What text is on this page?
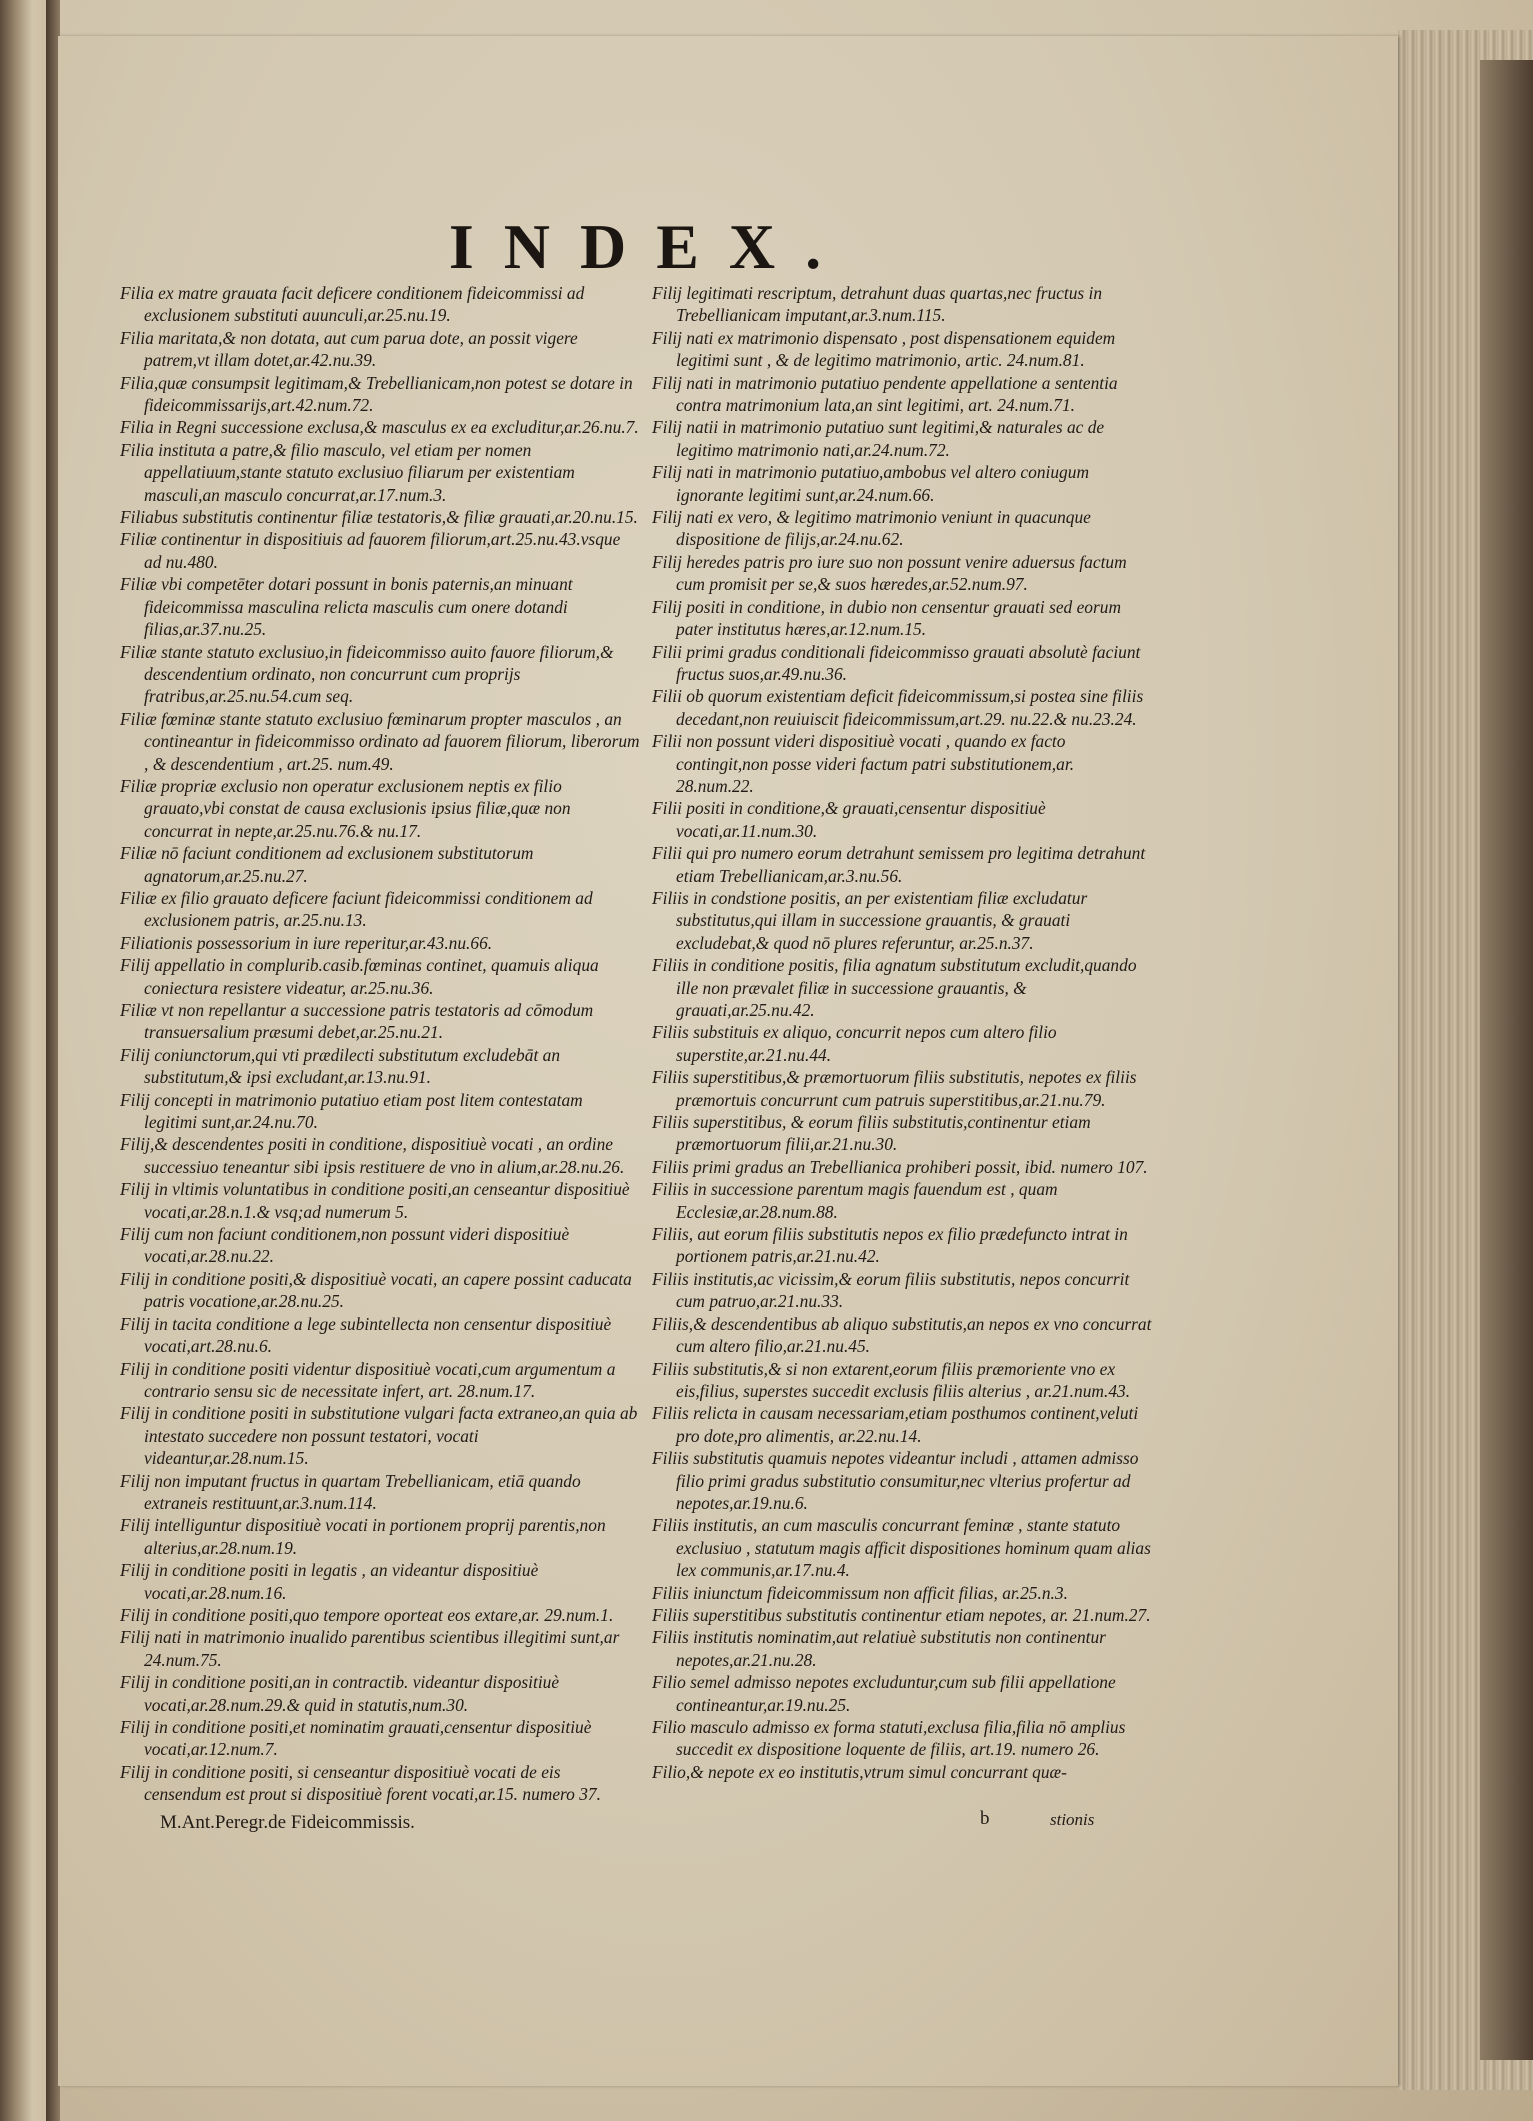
INDEX.
Filia ex matre grauata facit deficere conditionem fideicommissi ad exclusionem substituti auunculi,ar.25.nu.19.
Filia maritata,& non dotata, aut cum parua dote, an possit vigere patrem,vt illam dotet,ar.42.nu.39.
Filia,quæ consumpsit legitimam,& Trebellianicam,non potest se dotare in fideicommissarijs,art.42.num.72.
Filia in Regni successione exclusa,& masculus ex ea excluditur,ar.26.nu.7.
Filia instituta a patre,& filio masculo, vel etiam per nomen appellatiuum,stante statuto exclusiuo filiarum per existentiam masculi,an masculo concurrat,ar.17.num.3.
Filiabus substitutis continentur filiæ testatoris,& filiæ grauati,ar.20.nu.15.
Filiæ continentur in dispositiuis ad fauorem filiorum,art.25.nu.43.vsque ad nu.480.
Filiæ vbi competēter dotari possunt in bonis paternis,an minuant fideicommissa masculina relicta masculis cum onere dotandi filias,ar.37.nu.25.
Filiæ stante statuto exclusiuo,in fideicommisso auito fauore filiorum,& descendentium ordinato, non concurrunt cum proprijs fratribus,ar.25.nu.54.cum seq.
Filiæ fœminæ stante statuto exclusiuo fœminarum propter masculos , an contineantur in fideicommisso ordinato ad fauorem filiorum, liberorum , & descendentium , art.25. num.49.
Filiæ propriæ exclusio non operatur exclusionem neptis ex filio grauato,vbi constat de causa exclusionis ipsius filiæ,quæ non concurrat in nepte,ar.25.nu.76.& nu.17.
Filiæ nō faciunt conditionem ad exclusionem substitutorum agnatorum,ar.25.nu.27.
Filiæ ex filio grauato deficere faciunt fideicommissi conditionem ad exclusionem patris, ar.25.nu.13.
Filiationis possessorium in iure reperitur,ar.43.nu.66.
Filij appellatio in complurib.casib.fœminas continet, quamuis aliqua coniectura resistere videatur, ar.25.nu.36.
Filiæ vt non repellantur a successione patris testatoris ad cōmodum transuersalium præsumi debet,ar.25.nu.21.
Filij coniunctorum,qui vti prædilecti substitutum excludebāt an substitutum,& ipsi excludant,ar.13.nu.91.
Filij concepti in matrimonio putatiuo etiam post litem contestatam legitimi sunt,ar.24.nu.70.
Filij,& descendentes positi in conditione, dispositiuè vocati , an ordine successiuo teneantur sibi ipsis restituere de vno in alium,ar.28.nu.26.
Filij in vltimis voluntatibus in conditione positi,an censeantur dispositiuè vocati,ar.28.n.1.& vsq;ad numerum 5.
Filij cum non faciunt conditionem,non possunt videri dispositiuè vocati,ar.28.nu.22.
Filij in conditione positi,& dispositiuè vocati, an capere possint caducata patris vocatione,ar.28.nu.25.
Filij in tacita conditione a lege subintellecta non censentur dispositiuè vocati,art.28.nu.6.
Filij in conditione positi videntur dispositiuè vocati,cum argumentum a contrario sensu sic de necessitate infert, art. 28.num.17.
Filij in conditione positi in substitutione vulgari facta extraneo,an quia ab intestato succedere non possunt testatori, vocati videantur,ar.28.num.15.
Filij non imputant fructus in quartam Trebellianicam, etiā quando extraneis restituunt,ar.3.num.114.
Filij intelliguntur dispositiuè vocati in portionem proprij parentis,non alterius,ar.28.num.19.
Filij in conditione positi in legatis , an videantur dispositiuè vocati,ar.28.num.16.
Filij in conditione positi,quo tempore oporteat eos extare,ar. 29.num.1.
Filij nati in matrimonio inualido parentibus scientibus illegitimi sunt,ar 24.num.75.
Filij in conditione positi,an in contractib. videantur dispositiuè vocati,ar.28.num.29.& quid in statutis,num.30.
Filij in conditione positi,et nominatim grauati,censentur dispositiuè vocati,ar.12.num.7.
Filij in conditione positi, si censeantur dispositiuè vocati de eis censendum est prout si dispositiuè forent vocati,ar.15. numero 37.
Filij legitimati rescriptum, detrahunt duas quartas,nec fructus in Trebellianicam imputant,ar.3.num.115.
Filij nati ex matrimonio dispensato , post dispensationem equidem legitimi sunt , & de legitimo matrimonio, artic. 24.num.81.
Filij nati in matrimonio putatiuo pendente appellatione a sententia contra matrimonium lata,an sint legitimi, art. 24.num.71.
Filij natii in matrimonio putatiuo sunt legitimi,& naturales ac de legitimo matrimonio nati,ar.24.num.72.
Filij nati in matrimonio putatiuo,ambobus vel altero coniugum ignorante legitimi sunt,ar.24.num.66.
Filij nati ex vero, & legitimo matrimonio veniunt in quacunque dispositione de filijs,ar.24.nu.62.
Filij heredes patris pro iure suo non possunt venire aduersus factum cum promisit per se,& suos hæredes,ar.52.num.97.
Filij positi in conditione, in dubio non censentur grauati sed eorum pater institutus hæres,ar.12.num.15.
Filii primi gradus conditionali fideicommisso grauati absolutè faciunt fructus suos,ar.49.nu.36.
Filii ob quorum existentiam deficit fideicommissum,si postea sine filiis decedant,non reuiuiscit fideicommissum,art.29. nu.22.& nu.23.24.
Filii non possunt videri dispositiuè vocati , quando ex facto contingit,non posse videri factum patri substitutionem,ar. 28.num.22.
Filii positi in conditione,& grauati,censentur dispositiuè vocati,ar.11.num.30.
Filii qui pro numero eorum detrahunt semissem pro legitima detrahunt etiam Trebellianicam,ar.3.nu.56.
Filiis in condstione positis, an per existentiam filiæ excludatur substitutus,qui illam in successione grauantis, & grauati excludebat,& quod nō plures referuntur, ar.25.n.37.
Filiis in conditione positis, filia agnatum substitutum excludit,quando ille non prævalet filiæ in successione grauantis, & grauati,ar.25.nu.42.
Filiis substituis ex aliquo, concurrit nepos cum altero filio superstite,ar.21.nu.44.
Filiis superstitibus,& præmortuorum filiis substitutis, nepotes ex filiis præmortuis concurrunt cum patruis superstitibus,ar.21.nu.79.
Filiis superstitibus, & eorum filiis substitutis,continentur etiam præmortuorum filii,ar.21.nu.30.
Filiis primi gradus an Trebellianica prohiberi possit, ibid. numero 107.
Filiis in successione parentum magis fauendum est , quam Ecclesiæ,ar.28.num.88.
Filiis, aut eorum filiis substitutis nepos ex filio prædefuncto intrat in portionem patris,ar.21.nu.42.
Filiis institutis,ac vicissim,& eorum filiis substitutis, nepos concurrit cum patruo,ar.21.nu.33.
Filiis,& descendentibus ab aliquo substitutis,an nepos ex vno concurrat cum altero filio,ar.21.nu.45.
Filiis substitutis,& si non extarent,eorum filiis præmoriente vno ex eis,filius, superstes succedit exclusis filiis alterius , ar.21.num.43.
Filiis relicta in causam necessariam,etiam posthumos continent,veluti pro dote,pro alimentis, ar.22.nu.14.
Filiis substitutis quamuis nepotes videantur includi , attamen admisso filio primi gradus substitutio consumitur,nec vlterius profertur ad nepotes,ar.19.nu.6.
Filiis institutis, an cum masculis concurrant feminæ , stante statuto exclusiuo , statutum magis afficit dispositiones hominum quam alias lex communis,ar.17.nu.4.
Filiis iniunctum fideicommissum non afficit filias, ar.25.n.3.
Filiis superstitibus substitutis continentur etiam nepotes, ar. 21.num.27.
Filiis institutis nominatim,aut relatiuè substitutis non continentur nepotes,ar.21.nu.28.
Filio semel admisso nepotes excluduntur,cum sub filii appellatione contineantur,ar.19.nu.25.
Filio masculo admisso ex forma statuti,exclusa filia,filia nō amplius succedit ex dispositione loquente de filiis, art.19. numero 26.
Filio,& nepote ex eo institutis,vtrum simul concurrant quæ-
M.Ant.Peregr.de Fideicommissis.	b	stionis
